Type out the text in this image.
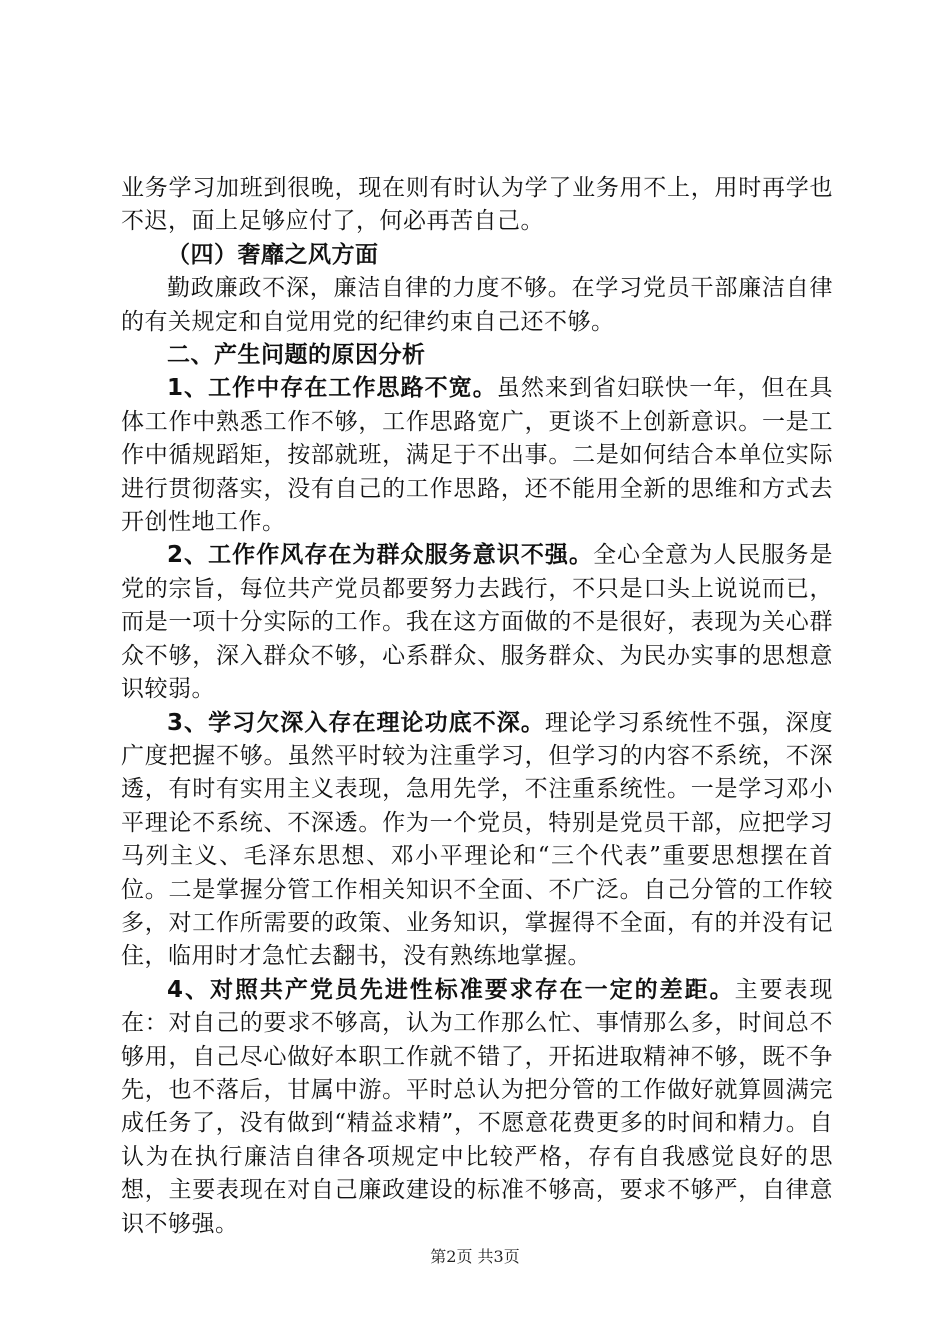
业务学习加班到很晚，现在则有时认为学了业务用不上，用时再学也不迟，面上足够应付了，何必再苦自己。

（四）奢靡之风方面

勤政廉政不深，廉洁自律的力度不够。在学习党员干部廉洁自律的有关规定和自觉用党的纪律约束自己还不够。

二、产生问题的原因分析

1、工作中存在工作思路不宽。虽然来到省妇联快一年，但在具体工作中熟悉工作不够，工作思路宽广，更谈不上创新意识。一是工作中循规蹈矩，按部就班，满足于不出事。二是如何结合本单位实际进行贯彻落实，没有自己的工作思路，还不能用全新的思维和方式去开创性地工作。

2、工作作风存在为群众服务意识不强。全心全意为人民服务是党的宗旨，每位共产党员都要努力去践行，不只是口头上说说而已，而是一项十分实际的工作。我在这方面做的不是很好，表现为关心群众不够，深入群众不够，心系群众、服务群众、为民办实事的思想意识较弱。

3、学习欠深入存在理论功底不深。理论学习系统性不强，深度广度把握不够。虽然平时较为注重学习，但学习的内容不系统，不深透，有时有实用主义表现，急用先学，不注重系统性。一是学习邓小平理论不系统、不深透。作为一个党员，特别是党员干部，应把学习马列主义、毛泽东思想、邓小平理论和“三个代表”重要思想摆在首位。二是掌握分管工作相关知识不全面、不广泛。自己分管的工作较多，对工作所需要的政策、业务知识，掌握得不全面，有的并没有记住，临用时才急忙去翻书，没有熟练地掌握。

4、对照共产党员先进性标准要求存在一定的差距。主要表现在：对自己的要求不够高，认为工作那么忙、事情那么多，时间总不够用，自己尽心做好本职工作就不错了，开拓进取精神不够，既不争先，也不落后，甘属中游。平时总认为把分管的工作做好就算圆满完成任务了，没有做到“精益求精”，不愿意花费更多的时间和精力。自认为在执行廉洁自律各项规定中比较严格，存有自我感觉良好的思想，主要表现在对自己廉政建设的标准不够高，要求不够严，自律意识不够强。

第2页 共3页
